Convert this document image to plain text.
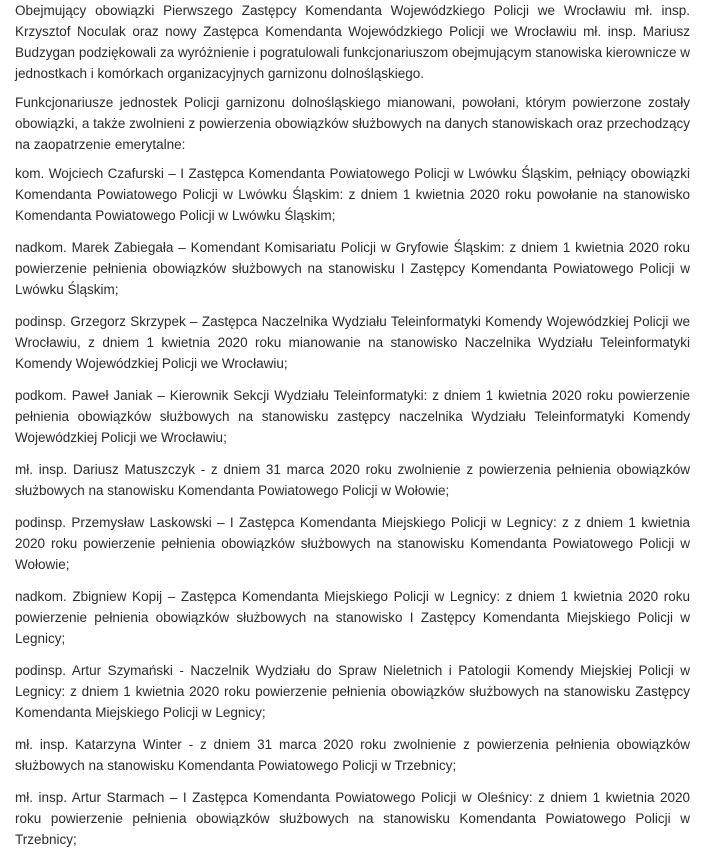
Obejmujący obowiązki Pierwszego Zastępcy Komendanta Wojewódzkiego Policji we Wrocławiu mł. insp. Krzysztof Noculak oraz nowy Zastępca Komendanta Wojewódzkiego Policji we Wrocławiu mł. insp. Mariusz Budzygan podziękowali za wyróżnienie i pogratulowali funkcjonariuszom obejmującym stanowiska kierownicze w jednostkach i komórkach organizacyjnych garnizonu dolnośląskiego.

Funkcjonariusze jednostek Policji garnizonu dolnośląskiego mianowani, powołani, którym powierzone zostały obowiązki, a także zwolnieni z powierzenia obowiązków służbowych na danych stanowiskach oraz przechodzący na zaopatrzenie emerytalne:

kom. Wojciech Czafurski – I Zastępca Komendanta Powiatowego Policji w Lwówku Śląskim, pełniący obowiązki Komendanta Powiatowego Policji w Lwówku Śląskim: z dniem 1 kwietnia 2020 roku powołanie na stanowisko Komendanta Powiatowego Policji w Lwówku Śląskim;

nadkom. Marek Zabiegała – Komendant Komisariatu Policji w Gryfowie Śląskim: z dniem 1 kwietnia 2020 roku powierzenie pełnienia obowiązków służbowych na stanowisku I Zastępcy Komendanta Powiatowego Policji w Lwówku Śląskim;

podinsp. Grzegorz Skrzypek – Zastępca Naczelnika Wydziału Teleinformatyki Komendy Wojewódzkiej Policji we Wrocławiu, z dniem 1 kwietnia 2020 roku mianowanie na stanowisko Naczelnika Wydziału Teleinformatyki Komendy Wojewódzkiej Policji we Wrocławiu;

podkom. Paweł Janiak – Kierownik Sekcji Wydziału Teleinformatyki: z dniem 1 kwietnia 2020 roku powierzenie pełnienia obowiązków służbowych na stanowisku zastępcy naczelnika Wydziału Teleinformatyki Komendy Wojewódzkiej Policji we Wrocławiu;

mł. insp. Dariusz Matuszczyk - z dniem 31 marca 2020 roku zwolnienie z powierzenia pełnienia obowiązków służbowych na stanowisku Komendanta Powiatowego Policji w Wołowie;

podinsp. Przemysław Laskowski – I Zastępca Komendanta Miejskiego Policji w Legnicy: z z dniem 1 kwietnia 2020 roku powierzenie pełnienia obowiązków służbowych na stanowisku Komendanta Powiatowego Policji w Wołowie;

nadkom. Zbigniew Kopij – Zastępca Komendanta Miejskiego Policji w Legnicy: z dniem 1 kwietnia 2020 roku powierzenie pełnienia obowiązków służbowych na stanowisko I Zastępcy Komendanta Miejskiego Policji w Legnicy;

podinsp. Artur Szymański - Naczelnik Wydziału do Spraw Nieletnich i Patologii Komendy Miejskiej Policji w Legnicy: z dniem 1 kwietnia 2020 roku powierzenie pełnienia obowiązków służbowych na stanowisku Zastępcy Komendanta Miejskiego Policji w Legnicy;

mł. insp. Katarzyna Winter - z dniem 31 marca 2020 roku zwolnienie z powierzenia pełnienia obowiązków służbowych na stanowisku Komendanta Powiatowego Policji w Trzebnicy;

mł. insp. Artur Starmach – I Zastępca Komendanta Powiatowego Policji w Oleśnicy: z dniem 1 kwietnia 2020 roku powierzenie pełnienia obowiązków służbowych na stanowisku Komendanta Powiatowego Policji w Trzebnicy;
